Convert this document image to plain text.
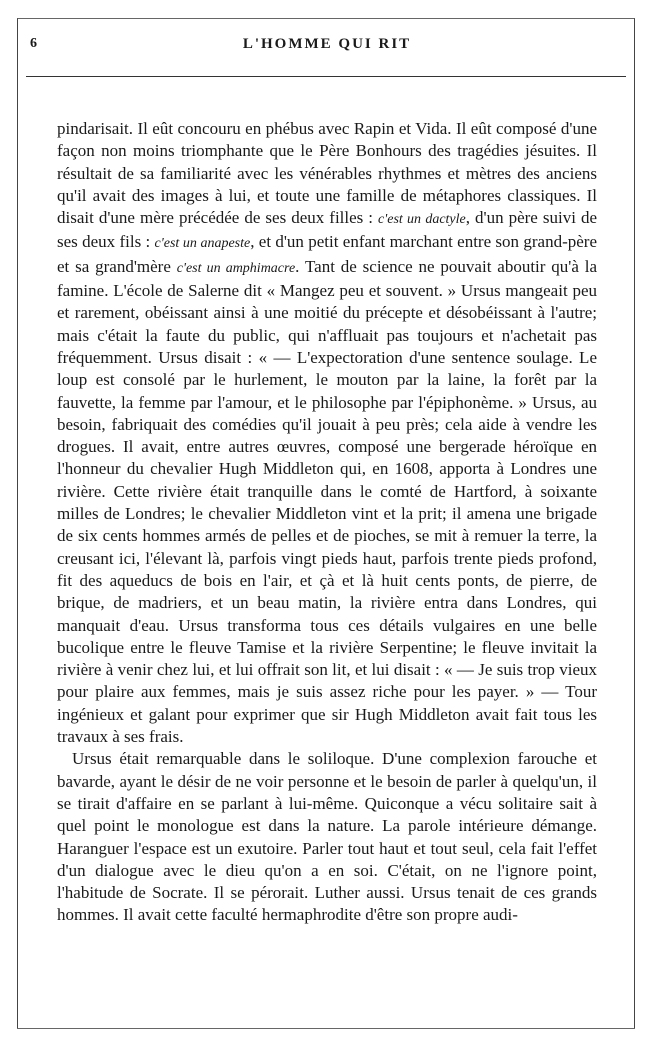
6	L'HOMME QUI RIT

pindarisait. Il eût concouru en phébus avec Rapin et Vida. Il eût composé d'une façon non moins triomphante que le Père Bonhours des tragédies jésuites. Il résultait de sa familiarité avec les vénérables rhythmes et mètres des anciens qu'il avait des images à lui, et toute une famille de métaphores classiques. Il disait d'une mère précédée de ses deux filles : c'est un dactyle, d'un père suivi de ses deux fils : c'est un anapeste, et d'un petit enfant marchant entre son grand-père et sa grand'mère c'est un amphimacre. Tant de science ne pouvait aboutir qu'à la famine. L'école de Salerne dit « Mangez peu et souvent. » Ursus mangeait peu et rarement, obéissant ainsi à une moitié du précepte et désobéissant à l'autre; mais c'était la faute du public, qui n'affluait pas toujours et n'achetait pas fréquemment. Ursus disait : « — L'expectoration d'une sentence soulage. Le loup est consolé par le hurlement, le mouton par la laine, la forêt par la fauvette, la femme par l'amour, et le philosophe par l'épiphonème. » Ursus, au besoin, fabriquait des comédies qu'il jouait à peu près; cela aide à vendre les drogues. Il avait, entre autres œuvres, composé une bergerade héroïque en l'honneur du chevalier Hugh Middleton qui, en 1608, apporta à Londres une rivière. Cette rivière était tranquille dans le comté de Hartford, à soixante milles de Londres; le chevalier Middleton vint et la prit; il amena une brigade de six cents hommes armés de pelles et de pioches, se mit à remuer la terre, la creusant ici, l'élevant là, parfois vingt pieds haut, parfois trente pieds profond, fit des aqueducs de bois en l'air, et çà et là huit cents ponts, de pierre, de brique, de madriers, et un beau matin, la rivière entra dans Londres, qui manquait d'eau. Ursus transforma tous ces détails vulgaires en une belle bucolique entre le fleuve Tamise et la rivière Serpentine; le fleuve invitait la rivière à venir chez lui, et lui offrait son lit, et lui disait : « — Je suis trop vieux pour plaire aux femmes, mais je suis assez riche pour les payer. » — Tour ingénieux et galant pour exprimer que sir Hugh Middleton avait fait tous les travaux à ses frais.

Ursus était remarquable dans le soliloque. D'une complexion farouche et bavarde, ayant le désir de ne voir personne et le besoin de parler à quelqu'un, il se tirait d'affaire en se parlant à lui-même. Quiconque a vécu solitaire sait à quel point le monologue est dans la nature. La parole intérieure démange. Haranguer l'espace est un exutoire. Parler tout haut et tout seul, cela fait l'effet d'un dialogue avec le dieu qu'on a en soi. C'était, on ne l'ignore point, l'habitude de Socrate. Il se pérorait. Luther aussi. Ursus tenait de ces grands hommes. Il avait cette faculté hermaphrodite d'être son propre audi-
